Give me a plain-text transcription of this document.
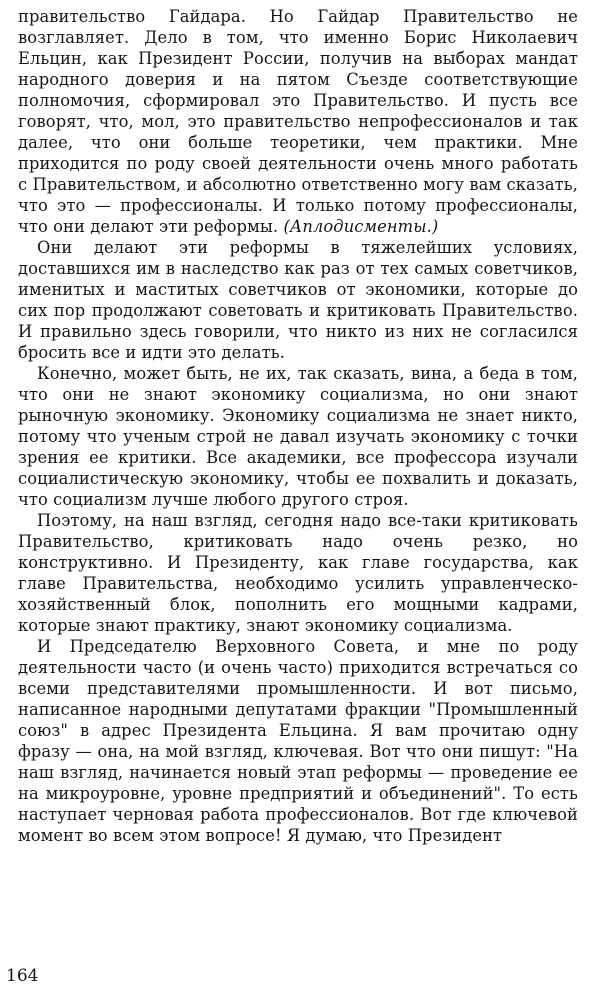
правительство Гайдара. Но Гайдар Правительство не возглавляет. Дело в том, что именно Борис Николаевич Ельцин, как Президент России, получив на выборах мандат народного доверия и на пятом Съезде соответствующие полномочия, сформировал это Правительство. И пусть все говорят, что, мол, это правительство непрофессионалов и так далее, что они больше теоретики, чем практики. Мне приходится по роду своей деятельности очень много работать с Правительством, и абсолютно ответственно могу вам сказать, что это — профессионалы. И только потому профессионалы, что они делают эти реформы. (Аплодисменты.)

Они делают эти реформы в тяжелейших условиях, доставшихся им в наследство как раз от тех самых советчиков, именитых и маститых советчиков от экономики, которые до сих пор продолжают советовать и критиковать Правительство. И правильно здесь говорили, что никто из них не согласился бросить все и идти это делать.

Конечно, может быть, не их, так сказать, вина, а беда в том, что они не знают экономику социализма, но они знают рыночную экономику. Экономику социализма не знает никто, потому что ученым строй не давал изучать экономику с точки зрения ее критики. Все академики, все профессора изучали социалистическую экономику, чтобы ее похвалить и доказать, что социализм лучше любого другого строя.

Поэтому, на наш взгляд, сегодня надо все-таки критиковать Правительство, критиковать надо очень резко, но конструктивно. И Президенту, как главе государства, как главе Правительства, необходимо усилить управленческо-хозяйственный блок, пополнить его мощными кадрами, которые знают практику, знают экономику социализма.

И Председателю Верховного Совета, и мне по роду деятельности часто (и очень часто) приходится встречаться со всеми представителями промышленности. И вот письмо, написанное народными депутатами фракции "Промышленный союз" в адрес Президента Ельцина. Я вам прочитаю одну фразу — она, на мой взгляд, ключевая. Вот что они пишут: "На наш взгляд, начинается новый этап реформы — проведение ее на микроуровне, уровне предприятий и объединений". То есть наступает черновая работа профессионалов. Вот где ключевой момент во всем этом вопросе! Я думаю, что Президент

164
